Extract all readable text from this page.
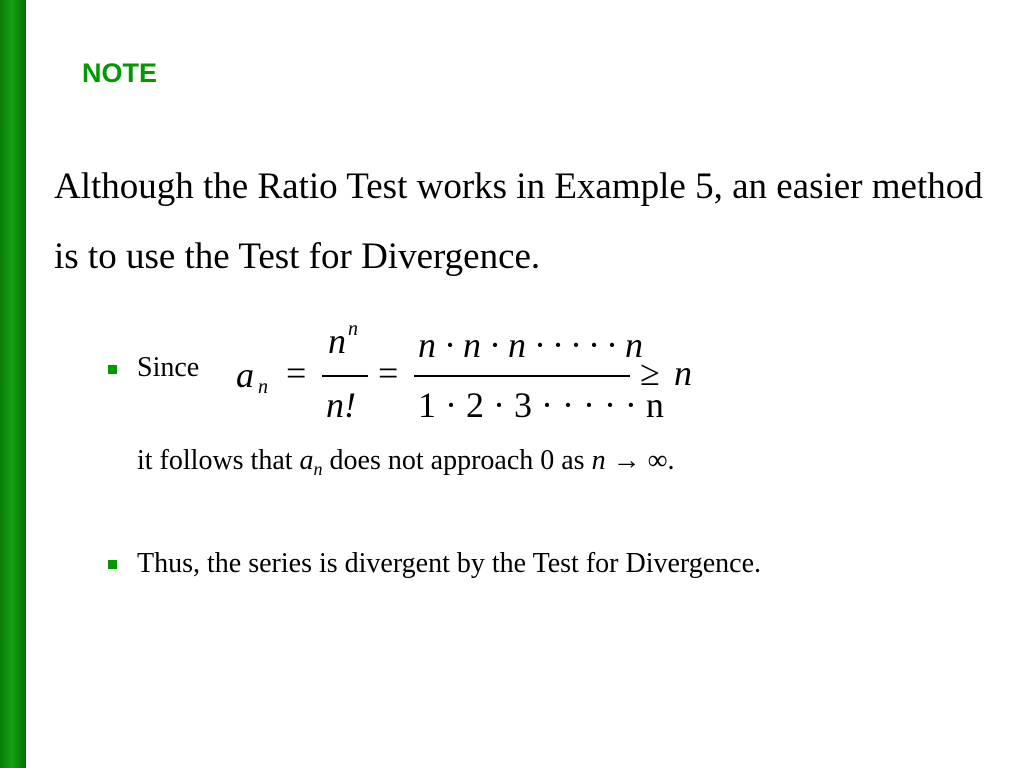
NOTE
Although the Ratio Test works in Example 5, an easier method is to use the Test for Divergence.
Since a n =
n n
n!
=
n · n · n · · · · · n
1 · 2 · 3 · · · · · n
≥ n
it follows that $a_n$ does not approach 0 as n → ∞.
Thus, the series is divergent by the Test for Divergence.
